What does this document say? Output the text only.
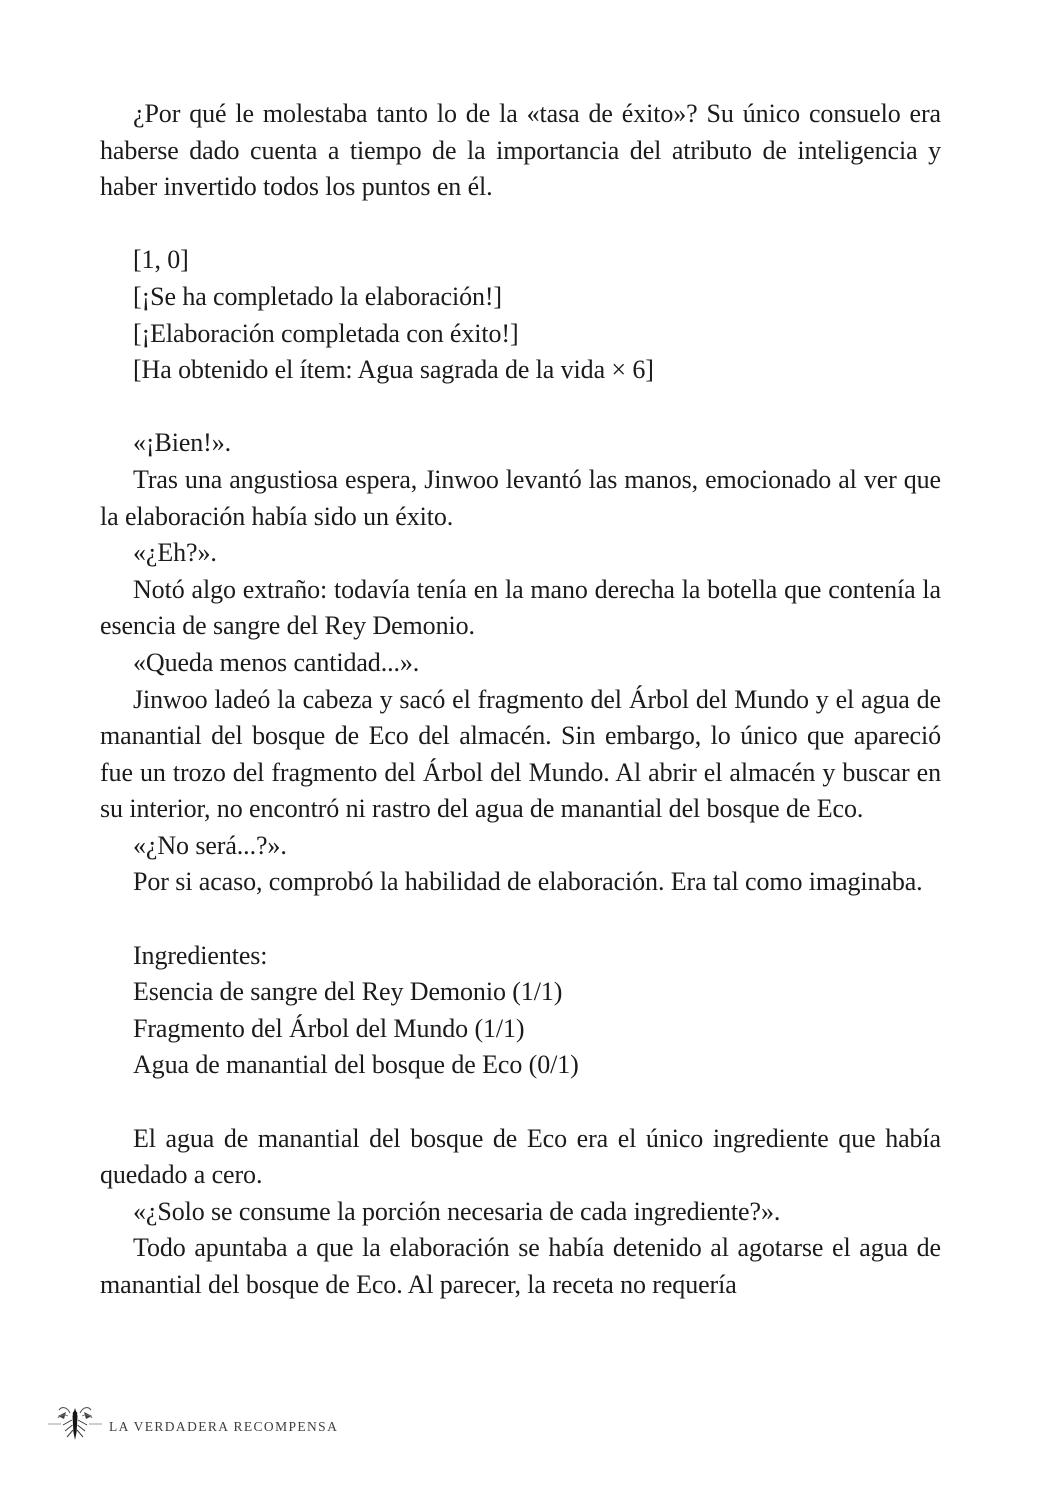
¿Por qué le molestaba tanto lo de la «tasa de éxito»? Su único consuelo era haberse dado cuenta a tiempo de la importancia del atributo de inteligencia y haber invertido todos los puntos en él.

[1, 0]

[¡Se ha completado la elaboración!]

[¡Elaboración completada con éxito!]

[Ha obtenido el ítem: Agua sagrada de la vida × 6]

«¡Bien!».

Tras una angustiosa espera, Jinwoo levantó las manos, emocionado al ver que la elaboración había sido un éxito.

«¿Eh?».

Notó algo extraño: todavía tenía en la mano derecha la botella que contenía la esencia de sangre del Rey Demonio.

«Queda menos cantidad...».

Jinwoo ladeó la cabeza y sacó el fragmento del Árbol del Mundo y el agua de manantial del bosque de Eco del almacén. Sin embargo, lo único que apareció fue un trozo del fragmento del Árbol del Mundo. Al abrir el almacén y buscar en su interior, no encontró ni rastro del agua de manantial del bosque de Eco.

«¿No será...?».

Por si acaso, comprobó la habilidad de elaboración. Era tal como imaginaba.

Ingredientes:

Esencia de sangre del Rey Demonio (1/1)

Fragmento del Árbol del Mundo (1/1)

Agua de manantial del bosque de Eco (0/1)

El agua de manantial del bosque de Eco era el único ingrediente que había quedado a cero.

«¿Solo se consume la porción necesaria de cada ingrediente?».

Todo apuntaba a que la elaboración se había detenido al agotarse el agua de manantial del bosque de Eco. Al parecer, la receta no requería

LA VERDADERA RECOMPENSA
